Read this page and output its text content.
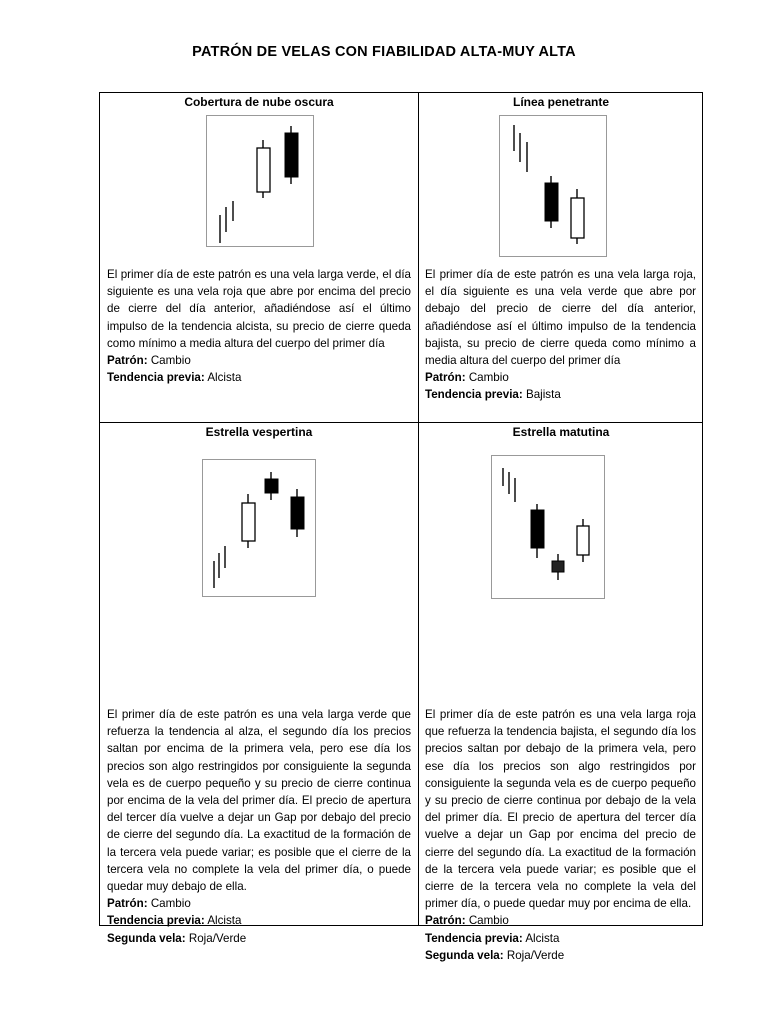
PATRÓN DE VELAS CON FIABILIDAD ALTA-MUY ALTA
Cobertura de nube oscura

El primer día de este patrón es una vela larga verde, el día siguiente es una vela roja que abre por encima del precio de cierre del día anterior, añadiéndose así el último impulso de la tendencia alcista, su precio de cierre queda como mínimo a media altura del cuerpo del primer día

Patrón: Cambio

Tendencia previa: Alcista

Línea penetrante

El primer día de este patrón es una vela larga roja, el día siguiente es una vela verde que abre por debajo del precio de cierre del día anterior, añadiéndose así el último impulso de la tendencia bajista, su precio de cierre queda como mínimo a media altura del cuerpo del primer día

Patrón: Cambio

Tendencia previa: Bajista

Estrella vespertina

El primer día de este patrón es una vela larga verde que refuerza la tendencia al alza, el segundo día los precios saltan por encima de la primera vela, pero ese día los precios son algo restringidos por consiguiente la segunda vela es de cuerpo pequeño y su precio de cierre continua por encima de la vela del primer día. El precio de apertura del tercer día vuelve a dejar un Gap por debajo del precio de cierre del segundo día. La exactitud de la formación de la tercera vela puede variar; es posible que el cierre de la tercera vela no complete la vela del primer día, o puede quedar muy debajo de ella.

Patrón: Cambio

Tendencia previa: Alcista

Segunda vela: Roja/Verde

Estrella matutina

El primer día de este patrón es una vela larga roja que refuerza la tendencia bajista, el segundo día los precios saltan por debajo de la primera vela, pero ese día los precios son algo restringidos por consiguiente la segunda vela es de cuerpo pequeño y su precio de cierre continua por debajo de la vela del primer día. El precio de apertura del tercer día vuelve a dejar un Gap por encima del precio de cierre del segundo día. La exactitud de la formación de la tercera vela puede variar; es posible que el cierre de la tercera vela no complete la vela del primer día, o puede quedar muy por encima de ella.

Patrón: Cambio

Tendencia previa: Alcista

Segunda vela: Roja/Verde
